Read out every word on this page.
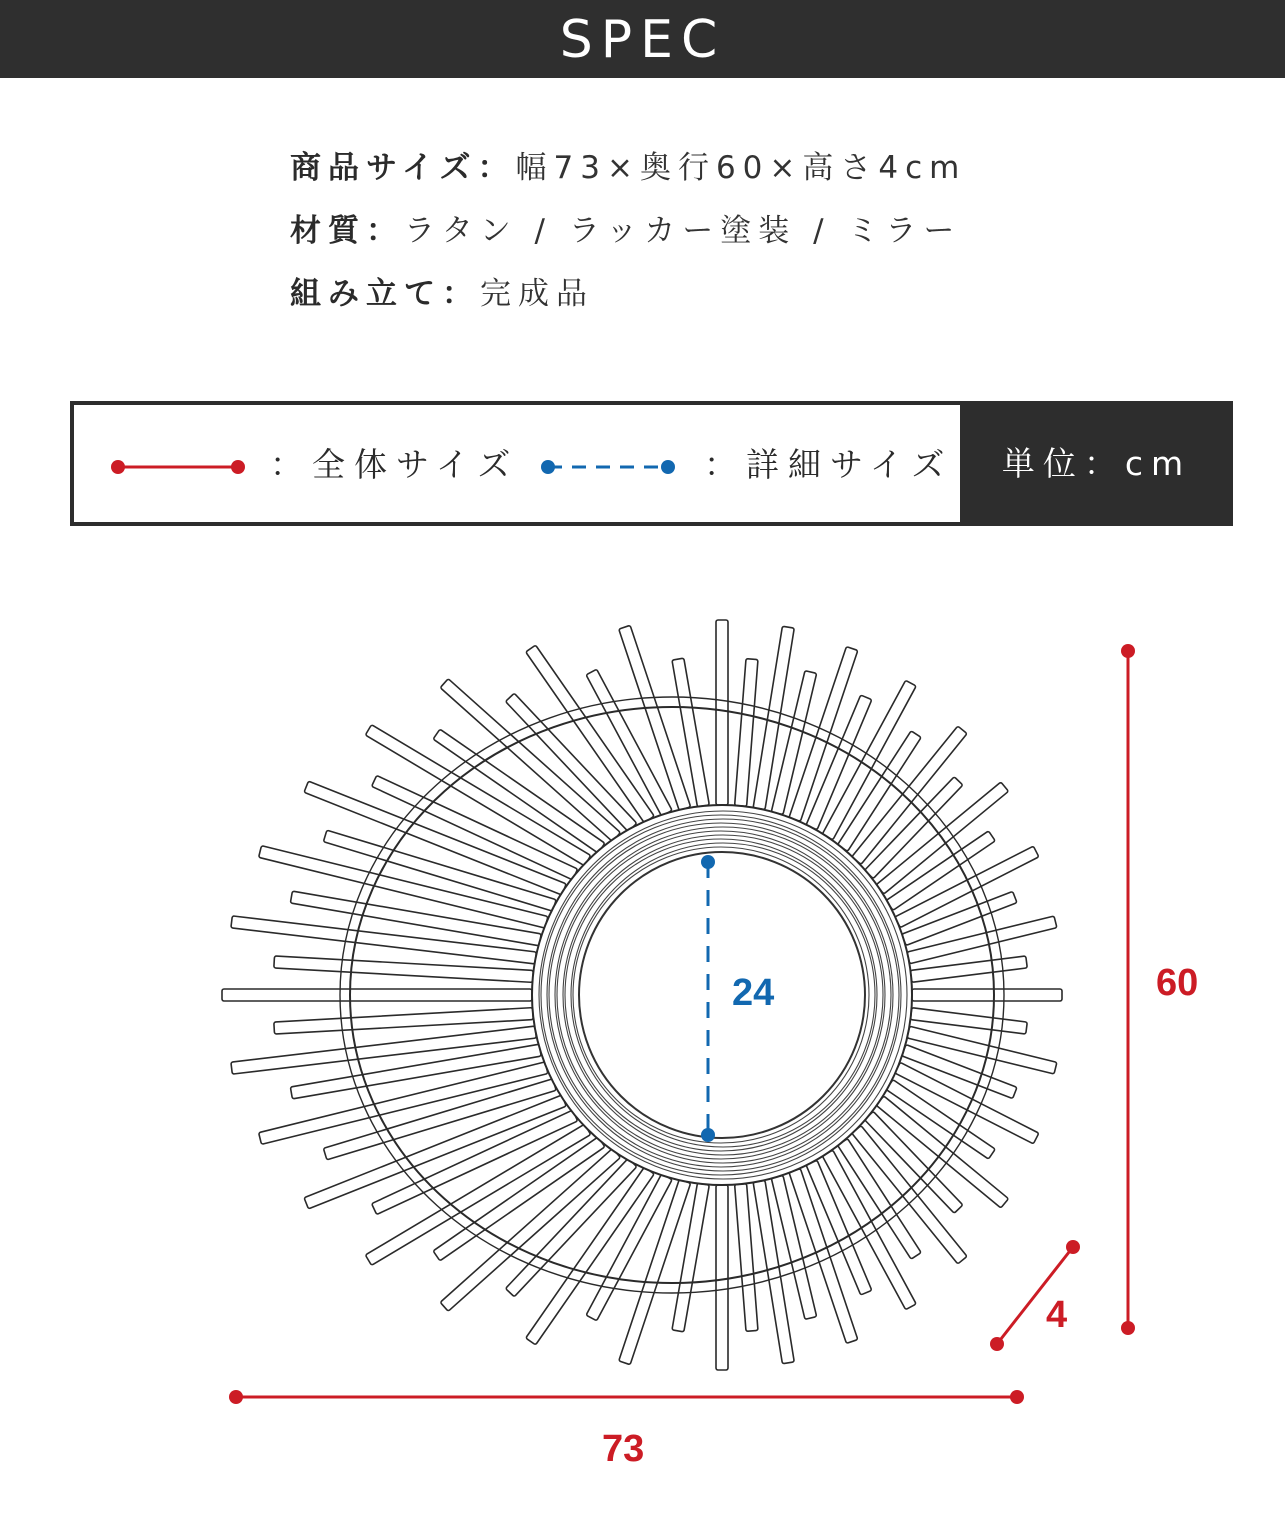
SPEC
商品サイズ：幅73×奥行60×高さ4cm
材質：ラタン / ラッカー塗装 / ミラー
組み立て：完成品
：全体サイズ	：詳細サイズ	単位：cm
24	60
4
73
